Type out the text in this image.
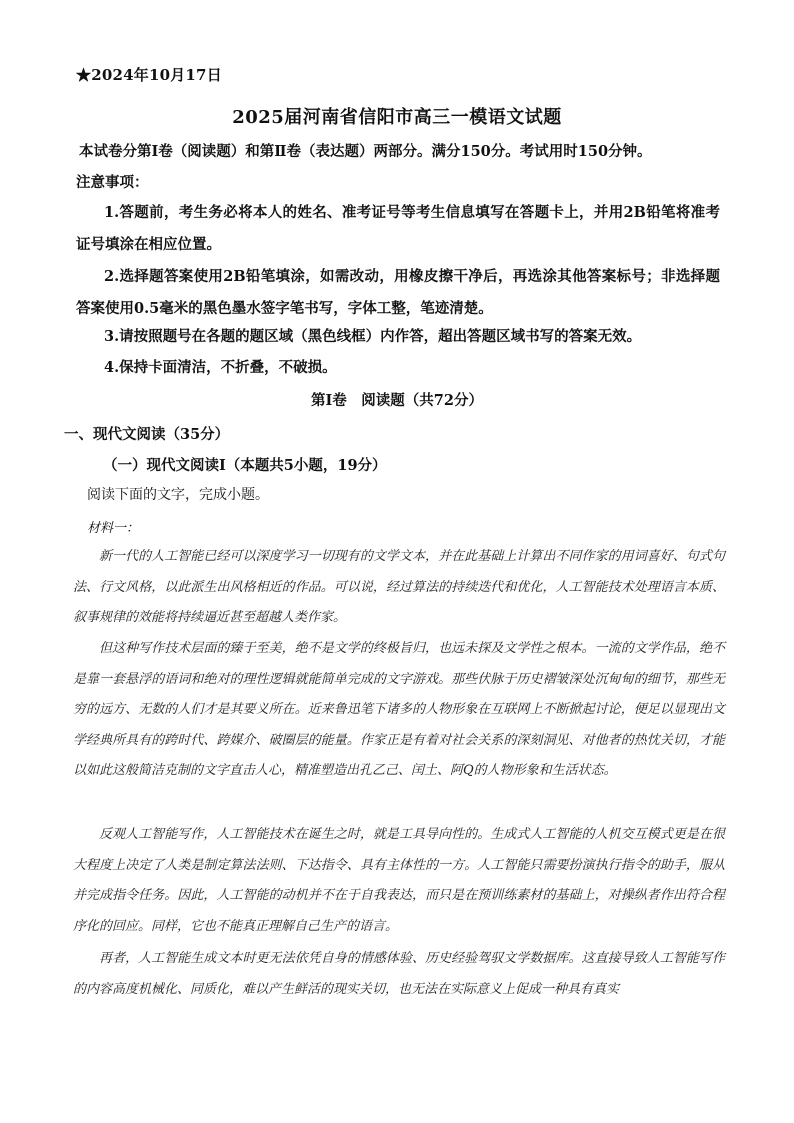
★2024年10月17日
2025届河南省信阳市高三一模语文试题
本试卷分第Ⅰ卷（阅读题）和第Ⅱ卷（表达题）两部分。满分150分。考试用时150分钟。
注意事项：
1.答题前，考生务必将本人的姓名、准考证号等考生信息填写在答题卡上，并用2B铅笔将准考证号填涂在相应位置。
2.选择题答案使用2B铅笔填涂，如需改动，用橡皮擦干净后，再选涂其他答案标号；非选择题答案使用0.5毫米的黑色墨水签字笔书写，字体工整，笔迹清楚。
3.请按照题号在各题的题区域（黑色线框）内作答，超出答题区域书写的答案无效。
4.保持卡面清洁，不折叠，不破损。
第Ⅰ卷　阅读题（共72分）
一、现代文阅读（35分）
（一）现代文阅读Ⅰ（本题共5小题，19分）
阅读下面的文字，完成小题。
材料一：
新一代的人工智能已经可以深度学习一切现有的文学文本，并在此基础上计算出不同作家的用词喜好、句式句法、行文风格，以此派生出风格相近的作品。可以说，经过算法的持续迭代和优化，人工智能技术处理语言本质、叙事规律的效能将持续逼近甚至超越人类作家。
但这种写作技术层面的臻于至美，绝不是文学的终极旨归，也远未探及文学性之根本。一流的文学作品，绝不是靠一套悬浮的语词和绝对的理性逻辑就能简单完成的文字游戏。那些伏脉于历史褶皱深处沉甸甸的细节，那些无穷的远方、无数的人们才是其要义所在。近来鲁迅笔下诸多的人物形象在互联网上不断掀起讨论，便足以显现出文学经典所具有的跨时代、跨媒介、破圈层的能量。作家正是有着对社会关系的深刻洞见、对他者的热忱关切，才能以如此这般简洁克制的文字直击人心，精准塑造出孔乙己、闰土、阿Q的人物形象和生活状态。
反观人工智能写作，人工智能技术在诞生之时，就是工具导向性的。生成式人工智能的人机交互模式更是在很大程度上决定了人类是制定算法法则、下达指令、具有主体性的一方。人工智能只需要扮演执行指令的助手，服从并完成指令任务。因此，人工智能的动机并不在于自我表达，而只是在预训练素材的基础上，对操纵者作出符合程序化的回应。同样，它也不能真正理解自己生产的语言。
再者，人工智能生成文本时更无法依凭自身的情感体验、历史经验驾驭文学数据库。这直接导致人工智能写作的内容高度机械化、同质化，难以产生鲜活的现实关切，也无法在实际意义上促成一种具有真实
